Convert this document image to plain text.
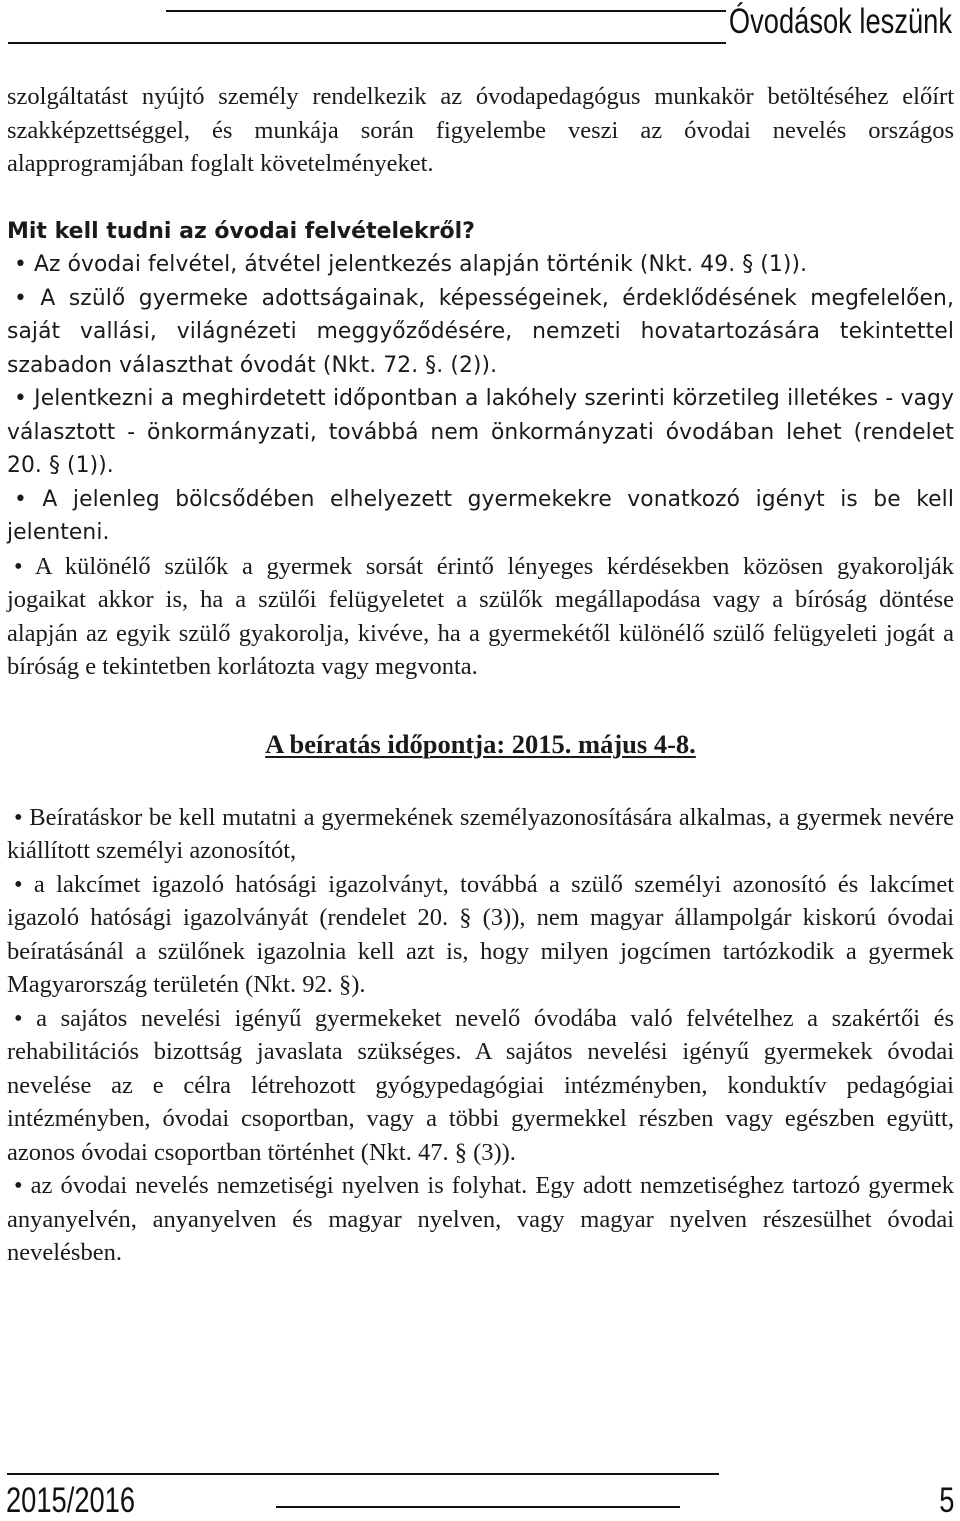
Óvodások leszünk

szolgáltatást nyújtó személy rendelkezik az óvodapedagógus munkakör betöltéséhez előírt szakképzettséggel, és munkája során figyelembe veszi az óvodai nevelés országos alapprogramjában foglalt követelményeket.

Mit kell tudni az óvodai felvételekről?

• Az óvodai felvétel, átvétel jelentkezés alapján történik (Nkt. 49. § (1)).

• A szülő gyermeke adottságainak, képességeinek, érdeklődésének megfelelően, saját vallási, világnézeti meggyőződésére, nemzeti hovatartozására tekintettel szabadon választhat óvodát (Nkt. 72. §. (2)).

• Jelentkezni a meghirdetett időpontban a lakóhely szerinti körzetileg illetékes - vagy választott - önkormányzati, továbbá nem önkormányzati óvodában lehet (rendelet 20. § (1)).

• A jelenleg bölcsődében elhelyezett gyermekekre vonatkozó igényt is be kell jelenteni.

• A különélő szülők a gyermek sorsát érintő lényeges kérdésekben közösen gyakorolják jogaikat akkor is, ha a szülői felügyeletet a szülők megállapodása vagy a bíróság döntése alapján az egyik szülő gyakorolja, kivéve, ha a gyermekétől különélő szülő felügyeleti jogát a bíróság e tekintetben korlátozta vagy megvonta.

A beíratás időpontja: 2015. május 4-8.

• Beíratáskor be kell mutatni a gyermekének személyazonosítására alkalmas, a gyermek nevére kiállított személyi azonosítót,

• a lakcímet igazoló hatósági igazolványt, továbbá a szülő személyi azonosító és lakcímet igazoló hatósági igazolványát (rendelet 20. § (3)), nem magyar állampolgár kiskorú óvodai beíratásánál a szülőnek igazolnia kell azt is, hogy milyen jogcímen tartózkodik a gyermek Magyarország területén (Nkt. 92. §).

• a sajátos nevelési igényű gyermekeket nevelő óvodába való felvételhez a szakértői és rehabilitációs bizottság javaslata szükséges. A sajátos nevelési igényű gyermekek óvodai nevelése az e célra létrehozott gyógypedagógiai intézményben, konduktív pedagógiai intézményben, óvodai csoportban, vagy a többi gyermekkel részben vagy egészben együtt, azonos óvodai csoportban történhet (Nkt. 47. § (3)).

• az óvodai nevelés nemzetiségi nyelven is folyhat. Egy adott nemzetiséghez tartozó gyermek anyanyelvén, anyanyelven és magyar nyelven, vagy magyar nyelven részesülhet óvodai nevelésben.

2015/2016	5
